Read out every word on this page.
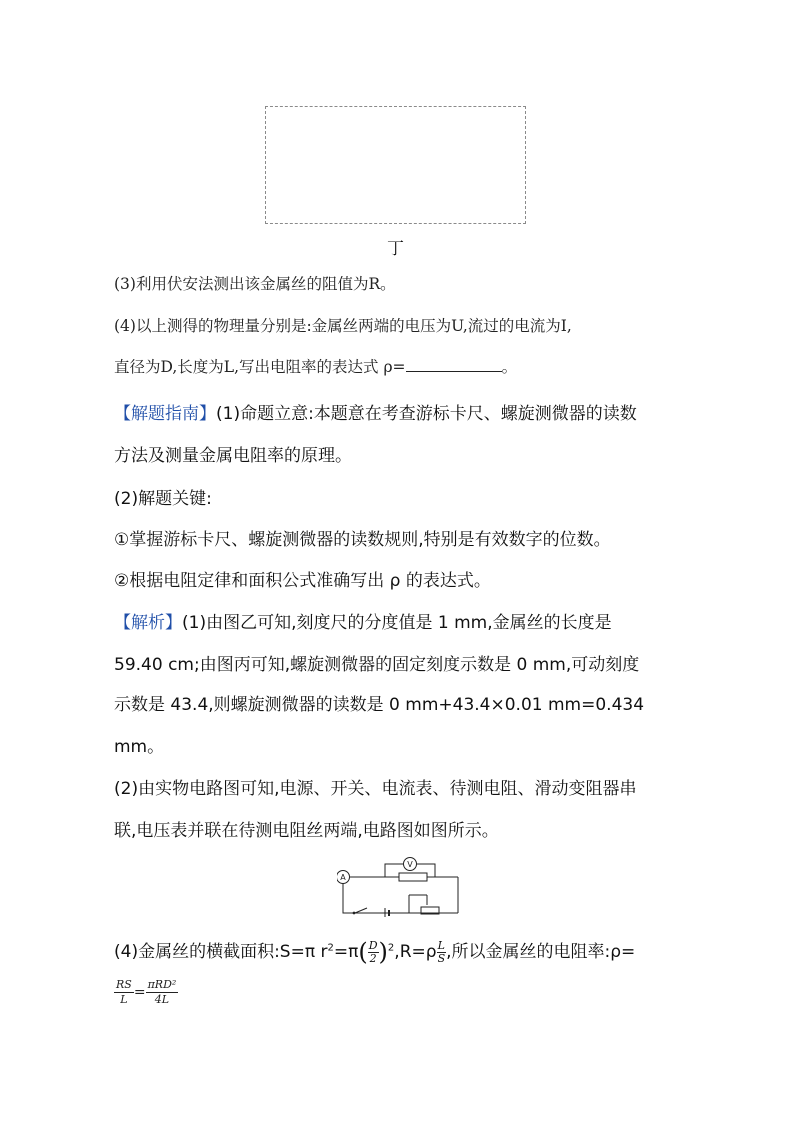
丁
(3)利用伏安法测出该金属丝的阻值为R。
(4)以上测得的物理量分别是:金属丝两端的电压为U,流过的电流为I,
直径为D,长度为L,写出电阻率的表达式 ρ=	。
【解题指南】(1)命题立意:本题意在考查游标卡尺、螺旋测微器的读数
方法及测量金属电阻率的原理。
(2)解题关键:
①掌握游标卡尺、螺旋测微器的读数规则,特别是有效数字的位数。
②根据电阻定律和面积公式准确写出 ρ 的表达式。
【解析】(1)由图乙可知,刻度尺的分度值是 1 mm,金属丝的长度是
59.40 cm;由图丙可知,螺旋测微器的固定刻度示数是 0 mm,可动刻度
示数是 43.4,则螺旋测微器的读数是 0 mm+43.4×0.01 mm=0.434
mm。
(2)由实物电路图可知,电源、开关、电流表、待测电阻、滑动变阻器串
联,电压表并联在待测电阻丝两端,电路图如图所示。
V
A
(4)金属丝的横截面积:S=π $r^2=\pi( \frac{D}{2} )^2,R=\rho \frac{L}{S}$ ,所以金属丝的电阻率:ρ=
$\frac{RS}{L} = \pi RD^2$
4L
